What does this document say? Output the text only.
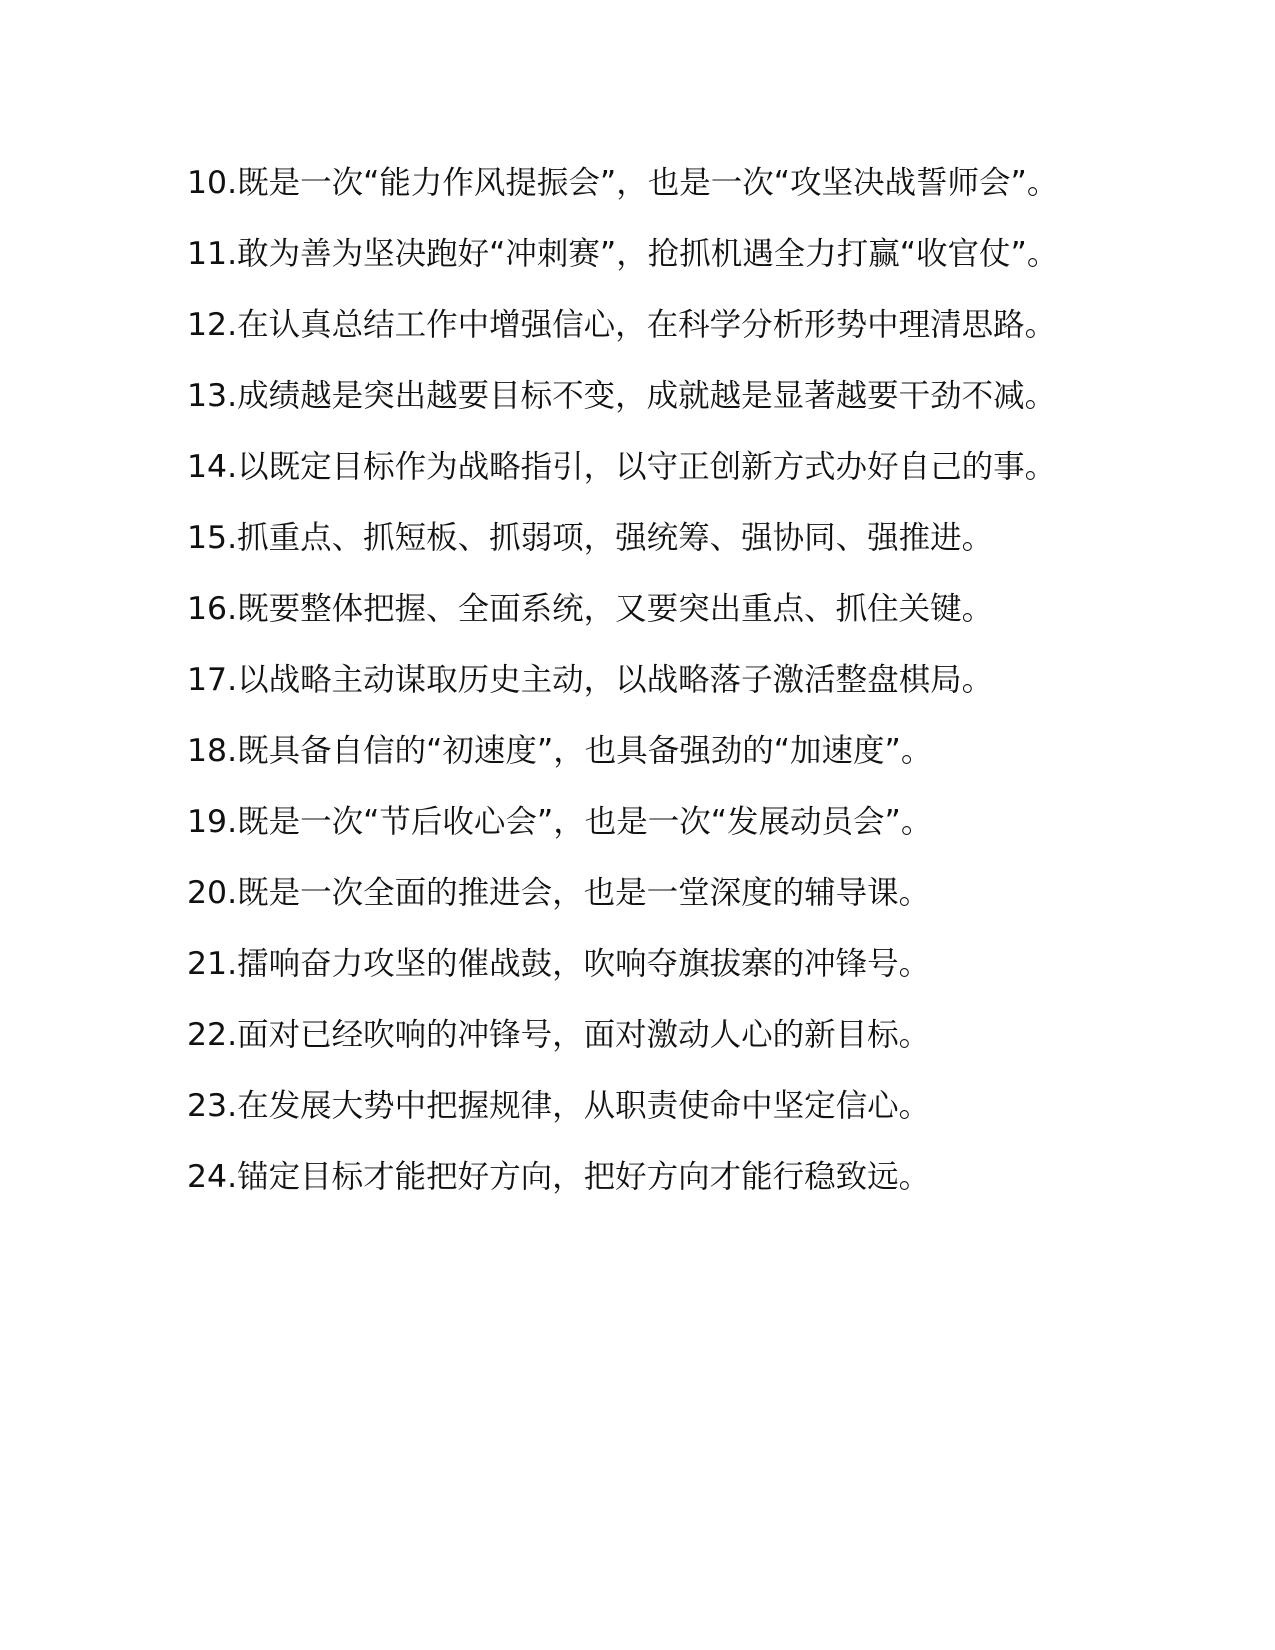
10.既是一次“能力作风提振会”，也是一次“攻坚决战誓师会”。

11.敢为善为坚决跑好“冲刺赛”，抢抓机遇全力打赢“收官仗”。

12.在认真总结工作中增强信心，在科学分析形势中理清思路。

13.成绩越是突出越要目标不变，成就越是显著越要干劲不减。

14.以既定目标作为战略指引，以守正创新方式办好自己的事。

15.抓重点、抓短板、抓弱项，强统筹、强协同、强推进。

16.既要整体把握、全面系统，又要突出重点、抓住关键。

17.以战略主动谋取历史主动，以战略落子激活整盘棋局。

18.既具备自信的“初速度”，也具备强劲的“加速度”。

19.既是一次“节后收心会”，也是一次“发展动员会”。

20.既是一次全面的推进会，也是一堂深度的辅导课。

21.擂响奋力攻坚的催战鼓，吹响夺旗拔寨的冲锋号。

22.面对已经吹响的冲锋号，面对激动人心的新目标。

23.在发展大势中把握规律，从职责使命中坚定信心。

24.锚定目标才能把好方向，把好方向才能行稳致远。
